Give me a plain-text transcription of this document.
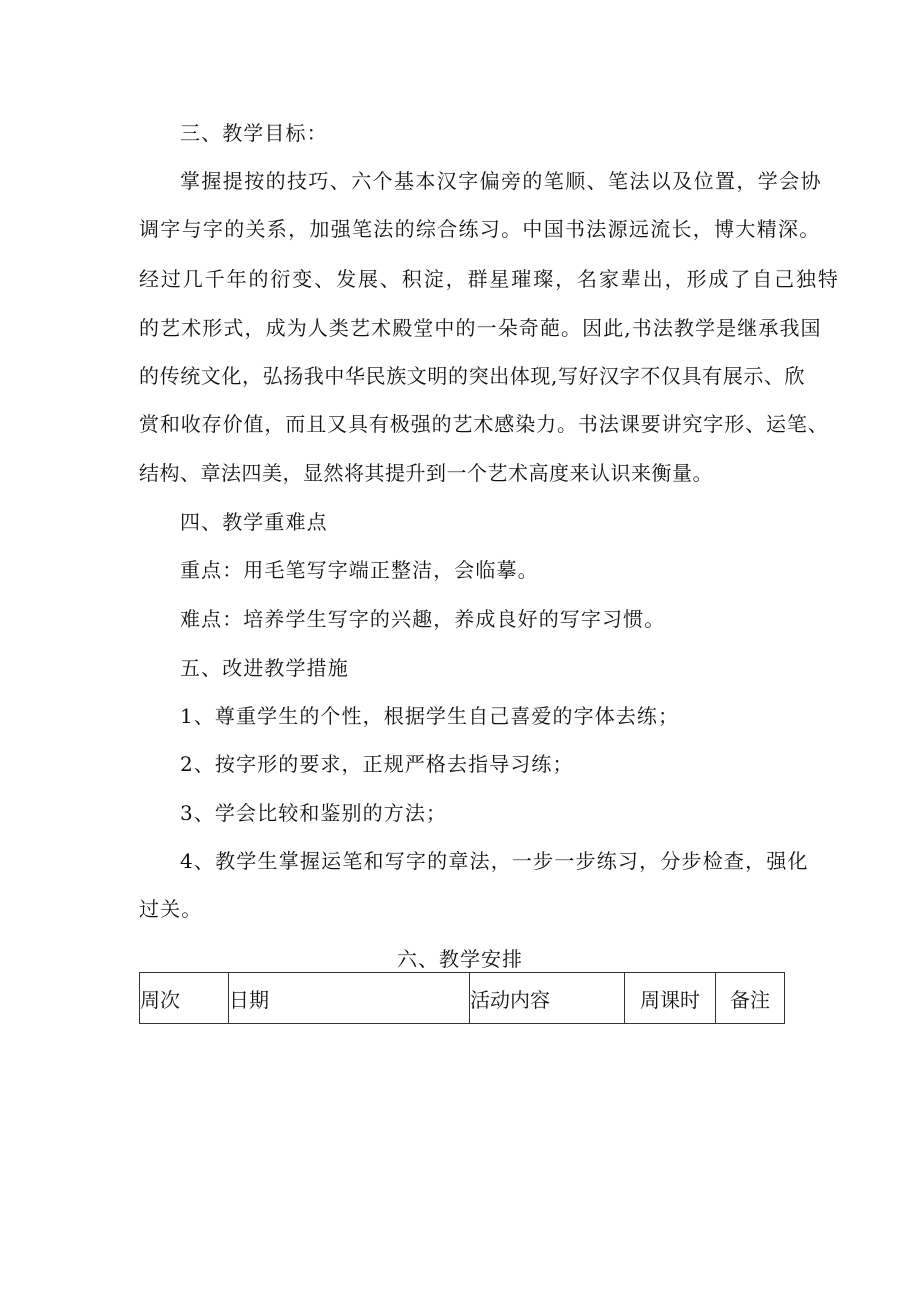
三、教学目标：
掌握提按的技巧、六个基本汉字偏旁的笔顺、笔法以及位置，学会协
调字与字的关系，加强笔法的综合练习。中国书法源远流长，博大精深。
经过几千年的衍变、发展、积淀，群星璀璨，名家辈出，形成了自己独特
的艺术形式，成为人类艺术殿堂中的一朵奇葩。因此,书法教学是继承我国
的传统文化，弘扬我中华民族文明的突出体现,写好汉字不仅具有展示、欣
赏和收存价值，而且又具有极强的艺术感染力。书法课要讲究字形、运笔、
结构、章法四美，显然将其提升到一个艺术高度来认识来衡量。
四、教学重难点
重点：用毛笔写字端正整洁，会临摹。
难点：培养学生写字的兴趣，养成良好的写字习惯。
五、改进教学措施
1、尊重学生的个性，根据学生自己喜爱的字体去练；
2、按字形的要求，正规严格去指导习练；
3、学会比较和鉴别的方法；
4、教学生掌握运笔和写字的章法，一步一步练习，分步检查，强化
过关。
六、教学安排
周次	日期	活动内容	周课时	备注
